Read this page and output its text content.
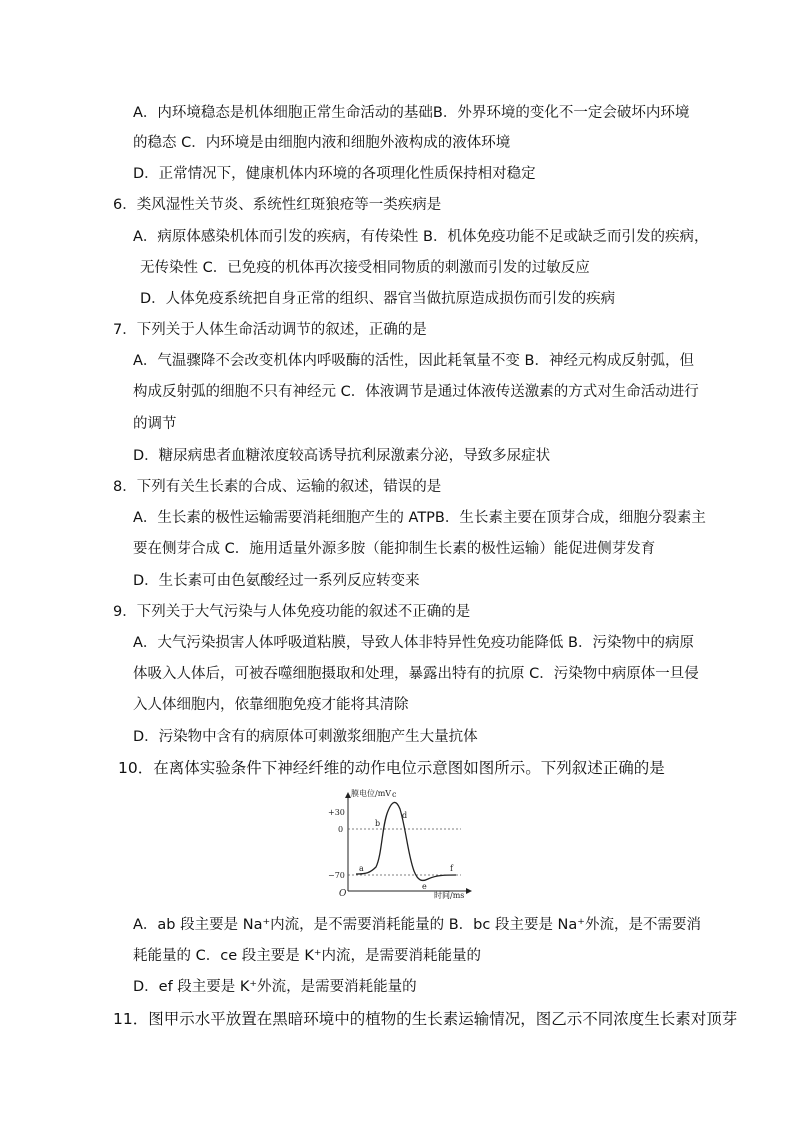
A．内环境稳态是机体细胞正常生命活动的基础B．外界环境的变化不一定会破坏内环境
的稳态 C．内环境是由细胞内液和细胞外液构成的液体环境
D．正常情况下，健康机体内环境的各项理化性质保持相对稳定
6．类风湿性关节炎、系统性红斑狼疮等一类疾病是
A．病原体感染机体而引发的疾病，有传染性 B．机体免疫功能不足或缺乏而引发的疾病，
无传染性 C．已免疫的机体再次接受相同物质的刺激而引发的过敏反应
D．人体免疫系统把自身正常的组织、器官当做抗原造成损伤而引发的疾病
7．下列关于人体生命活动调节的叙述，正确的是
A．气温骤降不会改变机体内呼吸酶的活性，因此耗氧量不变 B．神经元构成反射弧，但
构成反射弧的细胞不只有神经元 C．体液调节是通过体液传送激素的方式对生命活动进行
的调节
D．糖尿病患者血糖浓度较高诱导抗利尿激素分泌，导致多尿症状
8．下列有关生长素的合成、运输的叙述，错误的是
A．生长素的极性运输需要消耗细胞产生的 ATPB．生长素主要在顶芽合成，细胞分裂素主
要在侧芽合成 C．施用适量外源多胺（能抑制生长素的极性运输）能促进侧芽发育
D．生长素可由色氨酸经过一系列反应转变来
9．下列关于大气污染与人体免疫功能的叙述不正确的是
A．大气污染损害人体呼吸道粘膜，导致人体非特异性免疫功能降低 B．污染物中的病原
体吸入人体后，可被吞噬细胞摄取和处理，暴露出特有的抗原 C．污染物中病原体一旦侵
入人体细胞内，依靠细胞免疫才能将其清除
D．污染物中含有的病原体可刺激浆细胞产生大量抗体
10．在离体实验条件下神经纤维的动作电位示意图如图所示。下列叙述正确的是
膜电位/mV
时间/ms
O
+30
0
−70
a
b
c
d
e
f
A．ab 段主要是 Na⁺内流，是不需要消耗能量的 B．bc 段主要是 Na⁺外流，是不需要消
耗能量的 C．ce 段主要是 K⁺内流，是需要消耗能量的
D．ef 段主要是 K⁺外流，是需要消耗能量的
11．图甲示水平放置在黑暗环境中的植物的生长素运输情况，图乙示不同浓度生长素对顶芽
